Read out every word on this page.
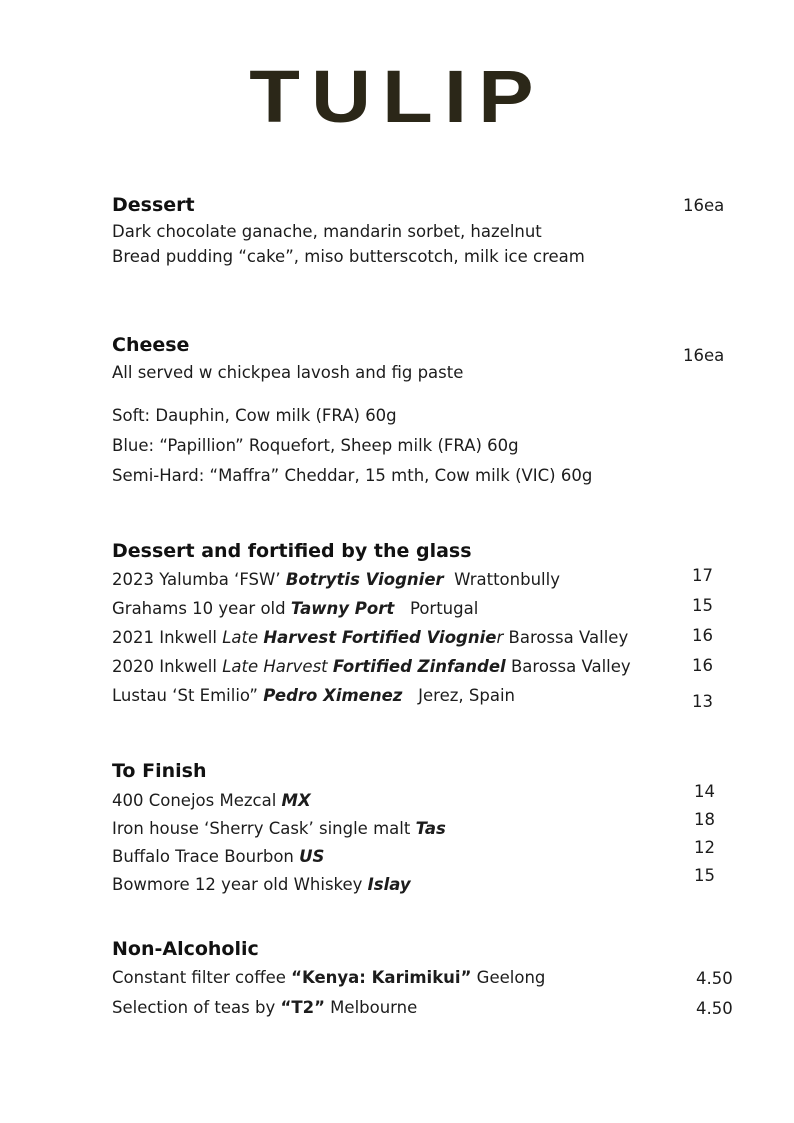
TULIP
Dessert	16ea
Dark chocolate ganache, mandarin sorbet, hazelnut
Bread pudding “cake”, miso butterscotch, milk ice cream
Cheese	16ea
All served w chickpea lavosh and fig paste
Soft: Dauphin, Cow milk (FRA) 60g
Blue: “Papillion” Roquefort, Sheep milk (FRA) 60g
Semi-Hard: “Maffra” Cheddar, 15 mth, Cow milk (VIC) 60g
Dessert and fortified by the glass
2023 Yalumba ‘FSW’ Botrytis Viognier  Wrattonbully	17
Grahams 10 year old Tawny Port   Portugal	15
2021 Inkwell Late Harvest Fortified Viognier Barossa Valley	16
2020 Inkwell Late Harvest Fortified Zinfandel Barossa Valley	16
Lustau ‘St Emilio” Pedro Ximenez   Jerez, Spain	13
To Finish
400 Conejos Mezcal MX	14
Iron house ‘Sherry Cask’ single malt Tas	18
Buffalo Trace Bourbon US	12
Bowmore 12 year old Whiskey Islay	15
Non-Alcoholic
Constant filter coffee “Kenya: Karimikui” Geelong	4.50
Selection of teas by “T2” Melbourne	4.50
